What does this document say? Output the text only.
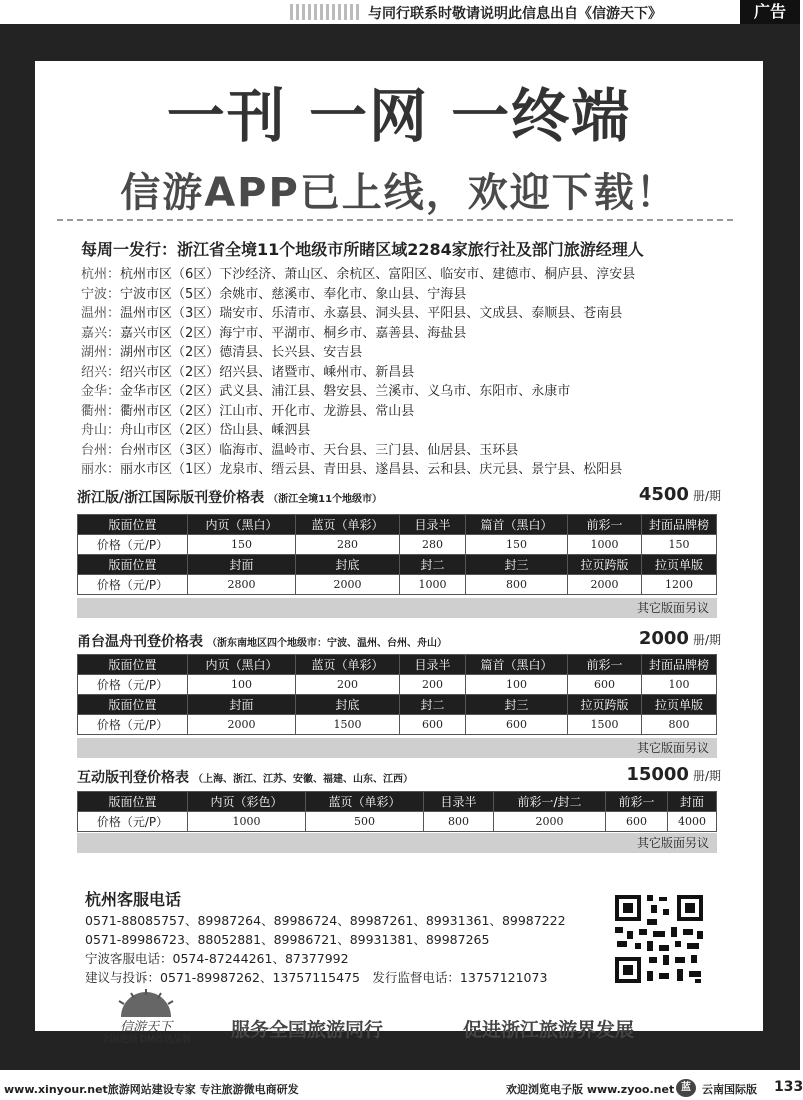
与同行联系时敬请说明此信息出自《信游天下》	广告
一刊 一网 一终端
信游APP已上线，欢迎下载！
每周一发行：浙江省全境11个地级市所睹区域2284家旅行社及部门旅游经理人
杭州：杭州市区（6区）下沙经济、萧山区、余杭区、富阳区、临安市、建德市、桐庐县、淳安县
宁波：宁波市区（5区）余姚市、慈溪市、奉化市、象山县、宁海县
温州：温州市区（3区）瑞安市、乐清市、永嘉县、洞头县、平阳县、文成县、泰顺县、苍南县
嘉兴：嘉兴市区（2区）海宁市、平湖市、桐乡市、嘉善县、海盐县
湖州：湖州市区（2区）德清县、长兴县、安吉县
绍兴：绍兴市区（2区）绍兴县、诸暨市、嵊州市、新昌县
金华：金华市区（2区）武义县、浦江县、磐安县、兰溪市、义乌市、东阳市、永康市
衢州：衢州市区（2区）江山市、开化市、龙游县、常山县
舟山：舟山市区（2区）岱山县、嵊泗县
台州：台州市区（3区）临海市、温岭市、天台县、三门县、仙居县、玉环县
丽水：丽水市区（1区）龙泉市、缙云县、青田县、遂昌县、云和县、庆元县、景宁县、松阳县
浙江版/浙江国际版刊登价格表 （浙江全境11个地级市）	4500 册/期
版面位置	内页（黑白）	蓝页（单彩）	目录半	篇首（黑白）	前彩一	封面品牌榜
价格（元/P）	150	280	280	150	1000	150
版面位置	封面	封底	封二	封三	拉页跨版	拉页单版
价格（元/P）	2800	2000	1000	800	2000	1200
其它版面另议
甬台温舟刊登价格表 （浙东南地区四个地级市：宁波、温州、台州、舟山）	2000 册/期
版面位置	内页（黑白）	蓝页（单彩）	目录半	篇首（黑白）	前彩一	封面品牌榜
价格（元/P）	100	200	200	100	600	100
版面位置	封面	封底	封二	封三	拉页跨版	拉页单版
价格（元/P）	2000	1500	600	600	1500	800
其它版面另议
互动版刊登价格表 （上海、浙江、江苏、安徽、福建、山东、江西）	15000 册/期
版面位置	内页（彩色）	蓝页（单彩）	目录半	前彩一/封二	前彩一	封面
价格（元/P）	1000	500	800	2000	600	4000
其它版面另议
杭州客服电话
0571-88085757、89987264、89986724、89987261、89931361、89987222
0571-89986723、88052881、89986721、89931381、89987265
宁波客服电话：0574-87244261、87377992
建议与投诉：0571-89987262、13757115475　发行监督电话：13757121073
信游天下
全国连锁 DM首选品牌 服务全国旅游同行	促进浙江旅游界发展
www.xinyour.net旅游网站建设专家 专注旅游微电商研发	欢迎浏览电子版 www.zyoo.net 蓝	云南国际版 133
